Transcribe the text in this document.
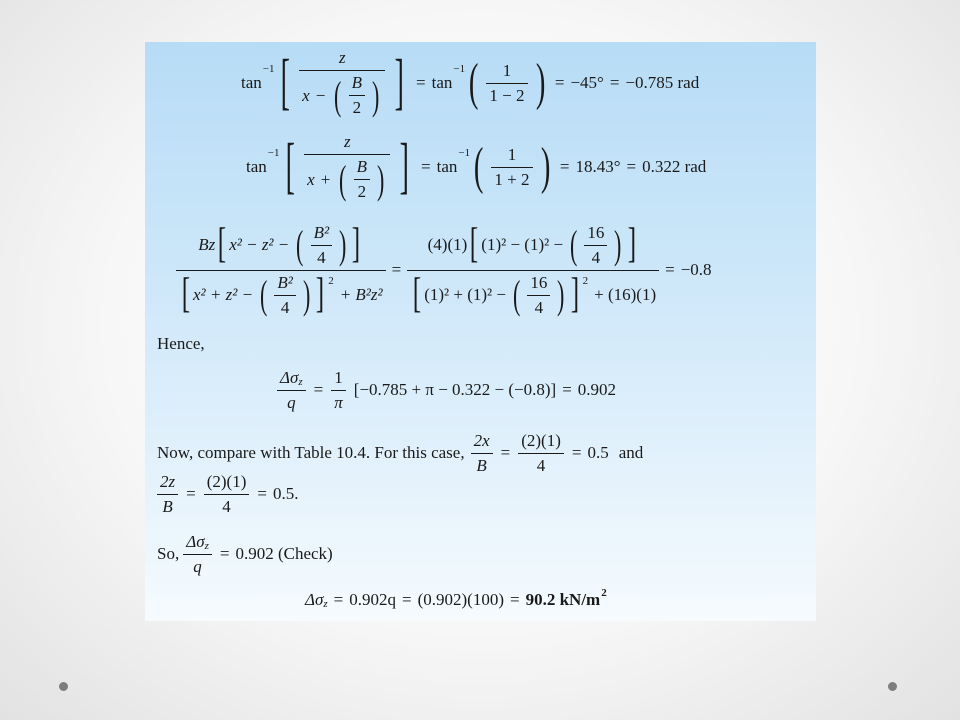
tan
−1 [ $\frac{z}{x - ( \frac{B}{2} )}$ ] = tan
−1 ( $\frac{1}{1 - 2}$ ) = −45° = −0.785 rad
tan
−1 [ $\frac{z}{x + ( \frac{B}{2} )}$ ] = tan
−1 ( $\frac{1}{1 + 2}$ ) = 18.43° = 0.322 rad
Bz [ x² − z² − ( $\frac{\text{B²}}{4}$ ) ]
[ x² + z² − ( $\frac{\text{B²}}{4}$ ) ] 2
+ B²z²
=
(4)(1) [ (1)² − (1)² − ( $\frac{16}{4}$ ) ]
[ (1)² + (1)² − ( $\frac{16}{4}$ ) ] 2
+ (16)(1)
= −0.8
Hence,
$\frac{\text{Δσ z}}{q} = \frac{1}{\pi} [-0.785 + \pi - 0.322 - (-0.8)] = 0.902$
Now, compare with Table 10.4. For this case, $\frac{2x}{B} = \frac{(2)(1)}{4} = 0.5$ and
$\frac{2z}{B} = \frac{(2)(1)}{4} = 0.5$.
So, $\frac{\text{Δσ z}}{q} = 0.902$ (Check)
Δσ z = 0.902q = (0.902)(100) = 90.2 kN/m 2
